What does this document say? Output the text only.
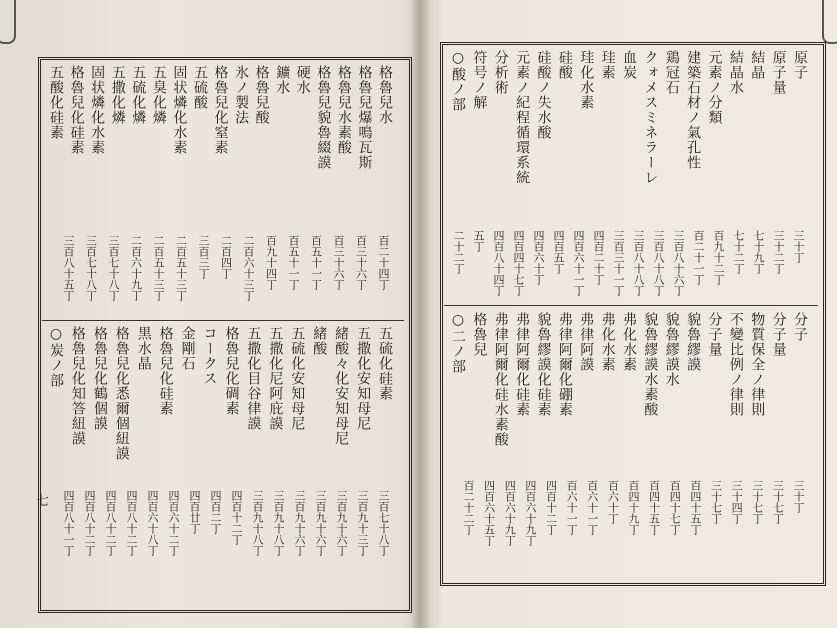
七
格魯兒水
格魯兒爆鳴瓦斯
格魯兒水素酸
格魯兒貌魯綴謨
硬水
鑛水
格魯兒酸
氷ノ製法
格魯兒化窒素
五硫酸
固状燐化水素
五臭化燐
五硫化燐
五撒化燐
固状燐化水素
格魯兒化硅素
五酸化硅素
百二十四丁
百三十六丁
百三十六丁
百五十一丁
百五十一丁
百九十四丁
二百六十三丁
二百四丁
三百三丁
二百五十三丁
二百五十三丁
二百六十九丁
三百七十八丁
三百七十八丁
三百八十五丁
五硫化硅素
五撒化安知母尼
緒酸々化安知母尼
緒酸
五硫化安知母尼
五撒化尼阿庇謨
五撒化目谷律謨
格魯兒化碉素
コークス
金剛石
格魯兒化硅素
黒水晶
格魯兒化悉爾個紐謨
格魯兒化鶴個謨
格魯兒化知答紐謨
○炭ノ部
三百七十八丁
三百九十三丁
三百九十六丁
三百九十六丁
三百九十六丁
三百九十八丁
三百九十八丁
四百十二丁
四百二丁
四百廿丁
四百六十二丁
四百六十八丁
四百八十二丁
四百八十二丁
四百八十二丁
四百八十一丁
原子
原子量
結晶
結晶水
元素ノ分類
建築石材ノ氣孔性
鶏冠石
クォメスミネラーレ
血炭
珪素
珪化水素
硅酸
硅酸ノ失水酸
元素ノ紀程循環系統
分析術
符号ノ解
○酸ノ部
三十丁
三十二丁
七十九丁
七十二丁
百九十二丁
百二十一丁
三百八十六丁
三百八十八丁
三百八十八丁
三百三十一丁
四百二十丁
四百六十一丁
四百五丁
四百六十丁
四百四十七丁
四百八十四丁
五丁
二十二丁
分子
分子量
物質保全ノ律則
不變比例ノ律則
分子量
貌魯繆謨
貌魯繆謨水
貌魯繆謨水素酸
弗化水素
弗化水素
弗律阿謨
弗律阿爾化硼素
貌魯繆謨化硅素
弗律阿爾化硅素
弗律阿爾化硅水素酸
格魯兒
○二ノ部
三十丁
三十七丁
三十七丁
三十四丁
三十七丁
百四十五丁
百四十七丁
百四十五丁
百四十九丁
百六十丁
百六十一丁
百六十一丁
四百十二丁
四百六十九丁
四百六十九丁
四百六十五丁
百二十二丁
